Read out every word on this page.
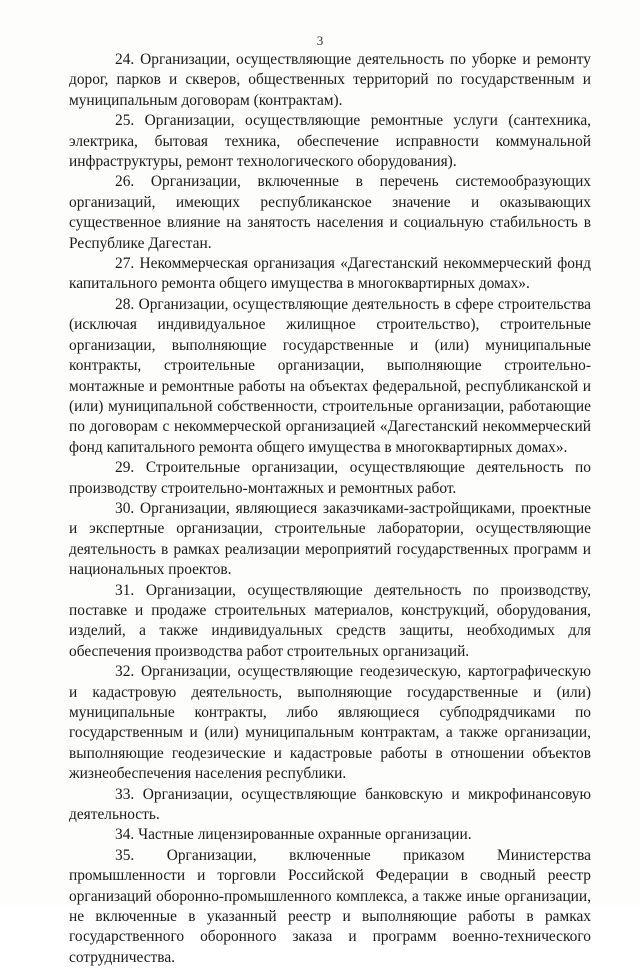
3

24. Организации, осуществляющие деятельность по уборке и ремонту дорог, парков и скверов, общественных территорий по государственным и муниципальным договорам (контрактам).

25. Организации, осуществляющие ремонтные услуги (сантехника, электрика, бытовая техника, обеспечение исправности коммунальной инфраструктуры, ремонт технологического оборудования).

26. Организации, включенные в перечень системообразующих организаций, имеющих республиканское значение и оказывающих существенное влияние на занятость населения и социальную стабильность в Республике Дагестан.

27. Некоммерческая организация «Дагестанский некоммерческий фонд капитального ремонта общего имущества в многоквартирных домах».

28. Организации, осуществляющие деятельность в сфере строительства (исключая индивидуальное жилищное строительство), строительные организации, выполняющие государственные и (или) муниципальные контракты, строительные организации, выполняющие строительно-монтажные и ремонтные работы на объектах федеральной, республиканской и (или) муниципальной собственности, строительные организации, работающие по договорам с некоммерческой организацией «Дагестанский некоммерческий фонд капитального ремонта общего имущества в многоквартирных домах».

29. Строительные организации, осуществляющие деятельность по производству строительно-монтажных и ремонтных работ.

30. Организации, являющиеся заказчиками-застройщиками, проектные и экспертные организации, строительные лаборатории, осуществляющие деятельность в рамках реализации мероприятий государственных программ и национальных проектов.

31. Организации, осуществляющие деятельность по производству, поставке и продаже строительных материалов, конструкций, оборудования, изделий, а также индивидуальных средств защиты, необходимых для обеспечения производства работ строительных организаций.

32. Организации, осуществляющие геодезическую, картографическую и кадастровую деятельность, выполняющие государственные и (или) муниципальные контракты, либо являющиеся субподрядчиками по государственным и (или) муниципальным контрактам, а также организации, выполняющие геодезические и кадастровые работы в отношении объектов жизнеобеспечения населения республики.

33. Организации, осуществляющие банковскую и микрофинансовую деятельность.

34. Частные лицензированные охранные организации.

35. Организации, включенные приказом Министерства промышленности и торговли Российской Федерации в сводный реестр организаций оборонно-промышленного комплекса, а также иные организации, не включенные в указанный реестр и выполняющие работы в рамках государственного оборонного заказа и программ военно-технического сотрудничества.
